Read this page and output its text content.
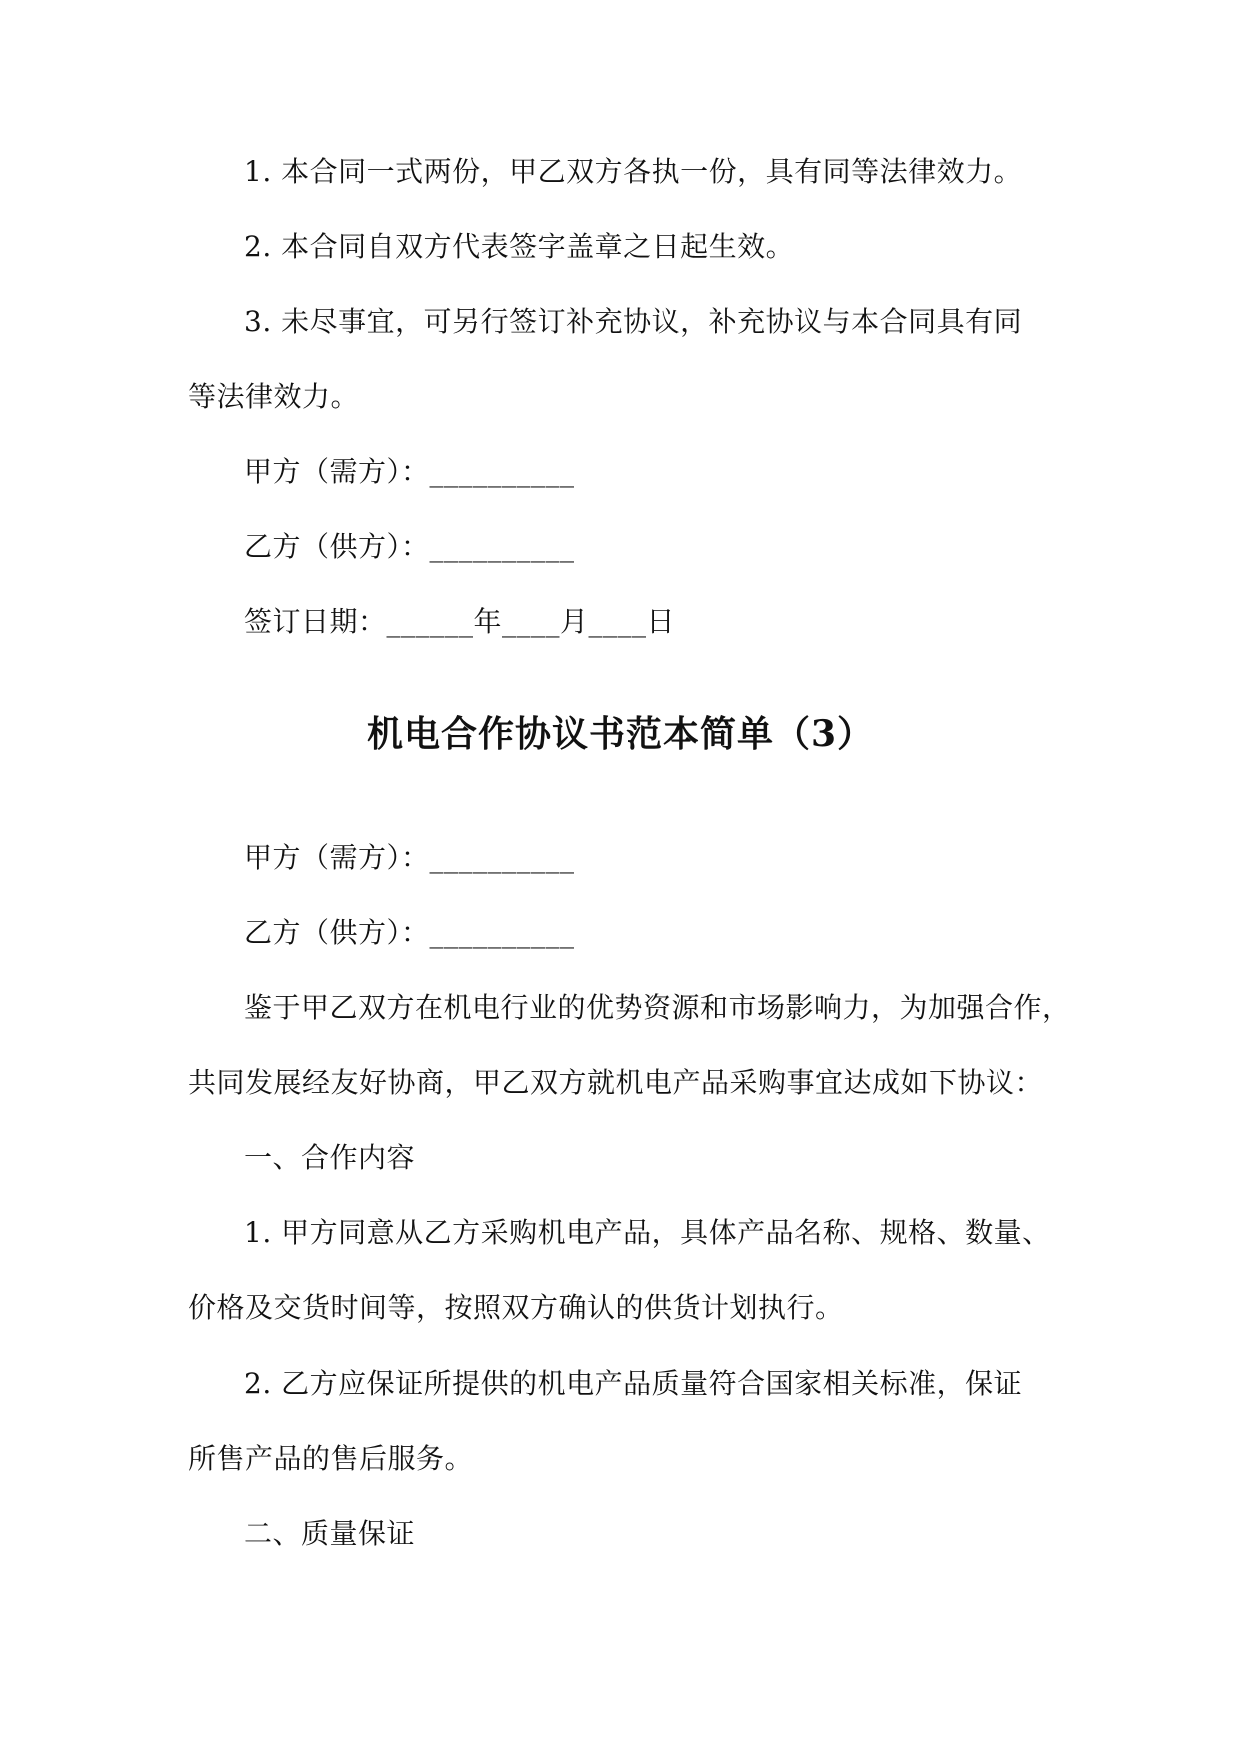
1. 本合同一式两份，甲乙双方各执一份，具有同等法律效力。
2. 本合同自双方代表签字盖章之日起生效。
3. 未尽事宜，可另行签订补充协议，补充协议与本合同具有同
等法律效力。
甲方（需方）：__________
乙方（供方）：__________
签订日期：______年____月____日
机电合作协议书范本简单（3）
甲方（需方）：__________
乙方（供方）：__________
鉴于甲乙双方在机电行业的优势资源和市场影响力，为加强合作，
共同发展经友好协商，甲乙双方就机电产品采购事宜达成如下协议：
一、合作内容
1. 甲方同意从乙方采购机电产品，具体产品名称、规格、数量、
价格及交货时间等，按照双方确认的供货计划执行。
2. 乙方应保证所提供的机电产品质量符合国家相关标准，保证
所售产品的售后服务。
二、质量保证
